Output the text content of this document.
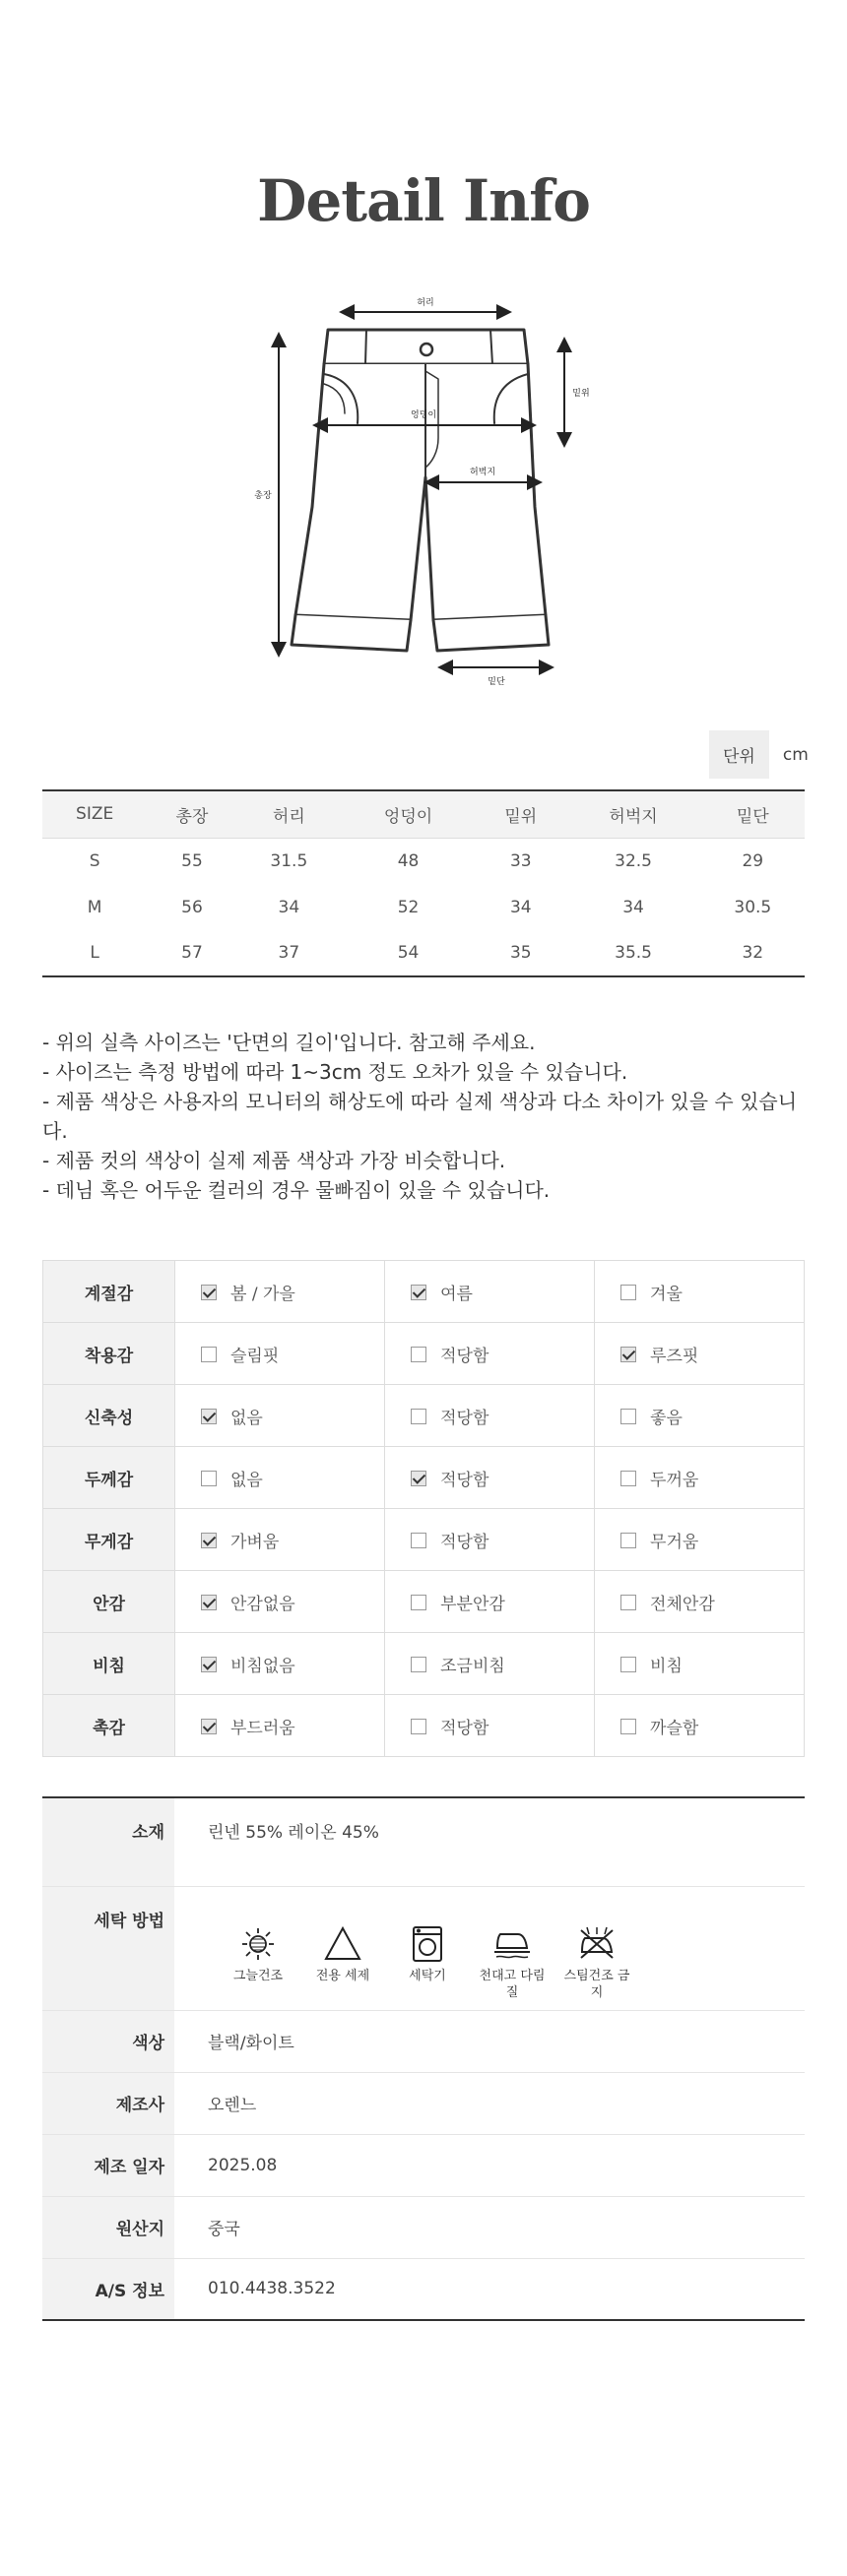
Detail Info
허리
밑위
엉덩이
허벅지
총장
밑단
단위	cm
SIZE	총장	허리	엉덩이	밑위	허벅지	밑단
S	55	31.5	48	33	32.5	29
M	56	34	52	34	34	30.5
L	57	37	54	35	35.5	32

- 위의 실측 사이즈는 '단면의 길이'입니다. 참고해 주세요.

- 사이즈는 측정 방법에 따라 1~3cm 정도 오차가 있을 수 있습니다.

- 제품 색상은 사용자의 모니터의 해상도에 따라 실제 색상과 다소 차이가 있을 수 있습니다.

- 제품 컷의 색상이 실제 제품 색상과 가장 비슷합니다.

- 데님 혹은 어두운 컬러의 경우 물빠짐이 있을 수 있습니다.

계절감	봄 / 가을	여름	겨울
착용감	슬림핏	적당함	루즈핏
신축성	없음	적당함	좋음
두께감	없음	적당함	두꺼움
무게감	가벼움	적당함	무거움
안감	안감없음	부분안감	전체안감
비침	비침없음	조금비침	비침
촉감	부드러움	적당함	까슬함
소재	린넨 55% 레이온 45%
세탁 방법	그늘건조 전용 세제 세탁기 천대고 다림질
스팀건조 금지

색상	블랙/화이트
제조사	오렌느
제조 일자	2025.08
원산지	중국
A/S 정보	010.4438.3522
